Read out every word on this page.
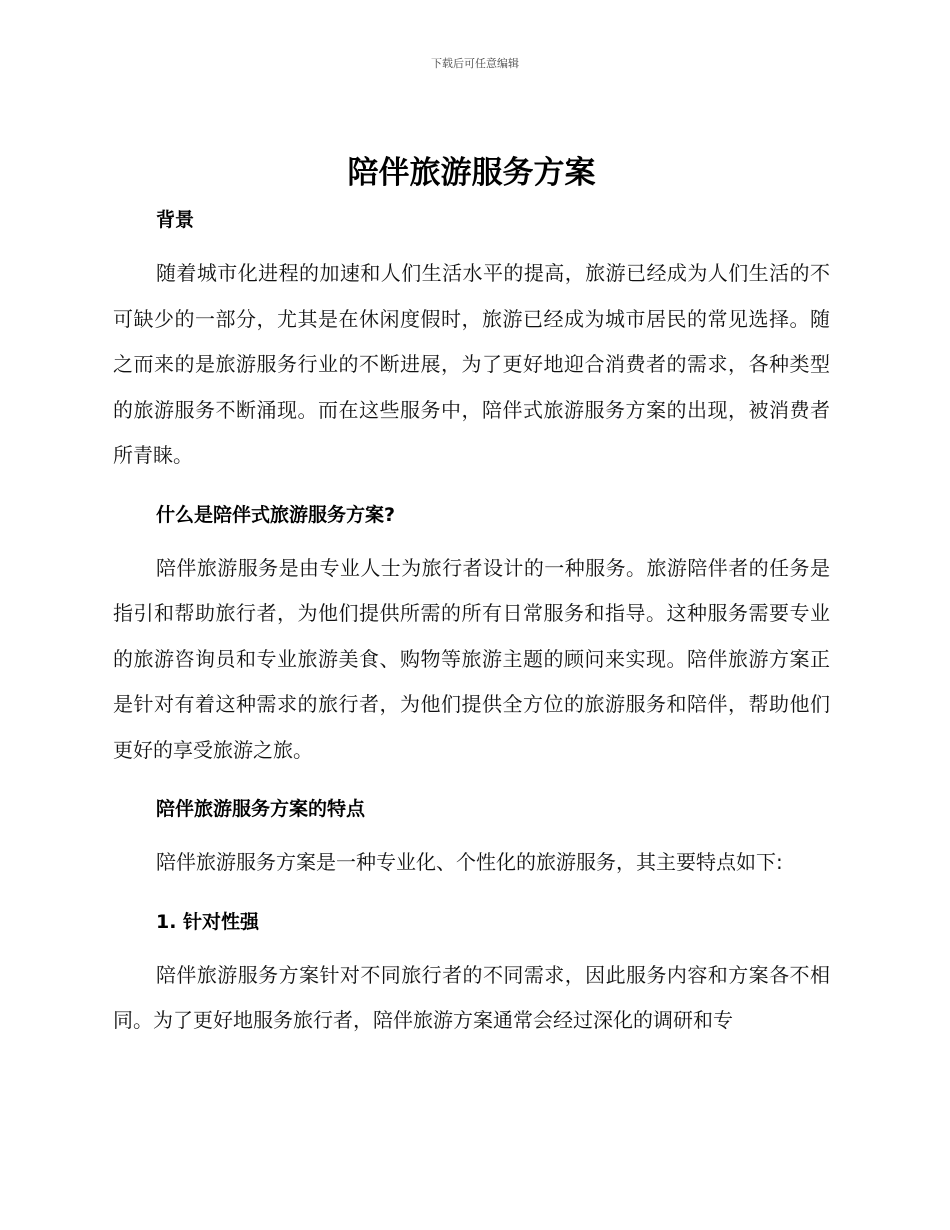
下载后可任意编辑
陪伴旅游服务方案
背景

随着城市化进程的加速和人们生活水平的提高，旅游已经成为人们生活的不可缺少的一部分，尤其是在休闲度假时，旅游已经成为城市居民的常见选择。随之而来的是旅游服务行业的不断进展，为了更好地迎合消费者的需求，各种类型的旅游服务不断涌现。而在这些服务中，陪伴式旅游服务方案的出现，被消费者所青睐。

什么是陪伴式旅游服务方案?

陪伴旅游服务是由专业人士为旅行者设计的一种服务。旅游陪伴者的任务是指引和帮助旅行者，为他们提供所需的所有日常服务和指导。这种服务需要专业的旅游咨询员和专业旅游美食、购物等旅游主题的顾问来实现。陪伴旅游方案正是针对有着这种需求的旅行者，为他们提供全方位的旅游服务和陪伴，帮助他们更好的享受旅游之旅。

陪伴旅游服务方案的特点

陪伴旅游服务方案是一种专业化、个性化的旅游服务，其主要特点如下:

1. 针对性强

陪伴旅游服务方案针对不同旅行者的不同需求，因此服务内容和方案各不相同。为了更好地服务旅行者，陪伴旅游方案通常会经过深化的调研和专
